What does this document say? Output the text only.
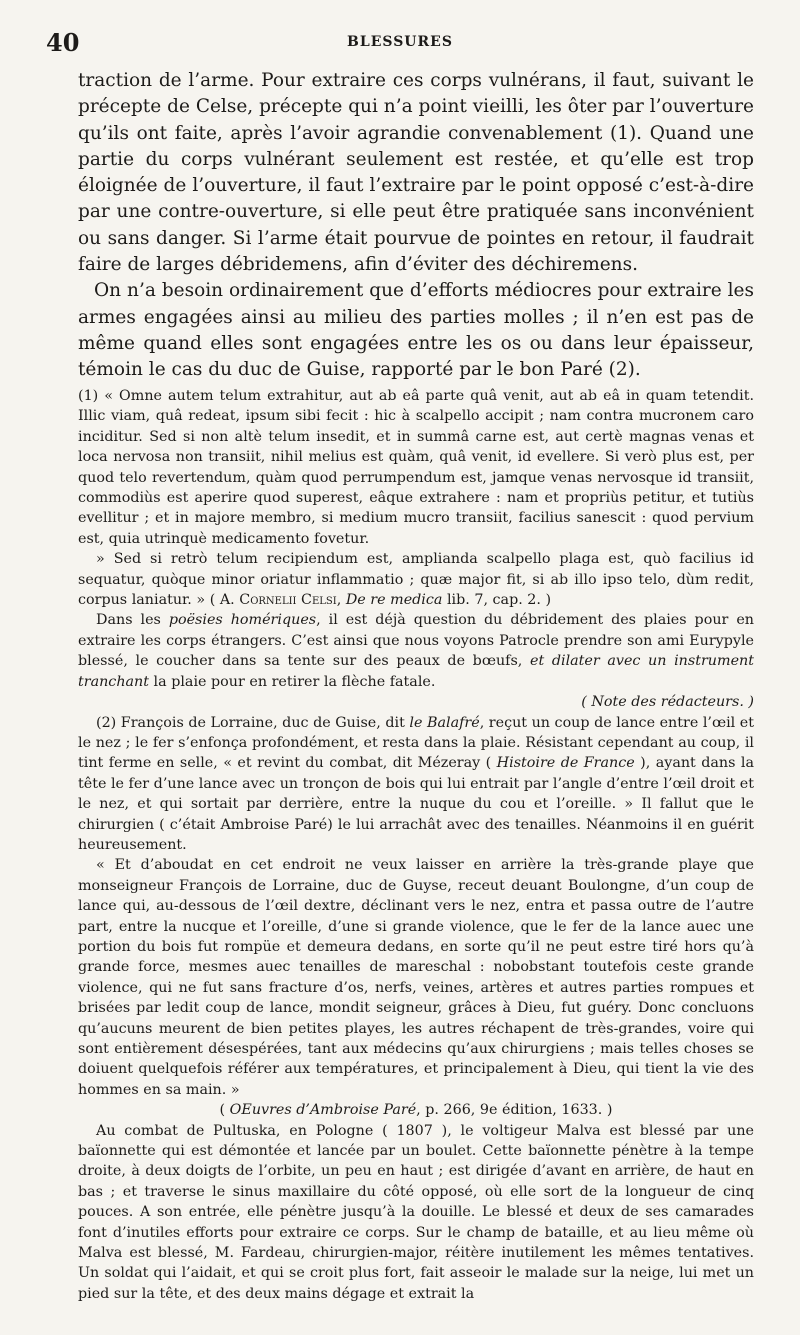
40	BLESSURES

traction de l’arme. Pour extraire ces corps vulnérans, il faut, suivant le précepte de Celse, précepte qui n’a point vieilli, les ôter par l’ouverture qu’ils ont faite, après l’avoir agrandie convenablement (1). Quand une partie du corps vulnérant seulement est restée, et qu’elle est trop éloignée de l’ouverture, il faut l’extraire par le point opposé c’est-à-dire par une contre-ouverture, si elle peut être pratiquée sans inconvénient ou sans danger. Si l’arme était pourvue de pointes en retour, il faudrait faire de larges débridemens, afin d’éviter des déchiremens.

On n’a besoin ordinairement que d’efforts médiocres pour extraire les armes engagées ainsi au milieu des parties molles ; il n’en est pas de même quand elles sont engagées entre les os ou dans leur épaisseur, témoin le cas du duc de Guise, rapporté par le bon Paré (2).

(1) « Omne autem telum extrahitur, aut ab eâ parte quâ venit, aut ab eâ in quam tetendit. Illic viam, quâ redeat, ipsum sibi fecit : hic à scalpello accipit ; nam contra mucronem caro inciditur. Sed si non altè telum insedit, et in summâ carne est, aut certè magnas venas et loca nervosa non transiit, nihil melius est quàm, quâ venit, id evellere. Si verò plus est, per quod telo revertendum, quàm quod perrumpendum est, jamque venas nervosque id transiit, commodiùs est aperire quod superest, eâque extrahere : nam et propriùs petitur, et tutiùs evellitur ; et in majore membro, si medium mucro transiit, facilius sanescit : quod pervium est, quia utrinquè medicamento fovetur.

» Sed si retrò telum recipiendum est, amplianda scalpello plaga est, quò facilius id sequatur, quòque minor oriatur inflammatio ; quæ major fit, si ab illo ipso telo, dùm redit, corpus laniatur. » ( A. Cornelii Celsi, De re medica lib. 7, cap. 2. )

Dans les poësies homériques, il est déjà question du débridement des plaies pour en extraire les corps étrangers. C’est ainsi que nous voyons Patrocle prendre son ami Eurypyle blessé, le coucher dans sa tente sur des peaux de bœufs, et dilater avec un instrument tranchant la plaie pour en retirer la flèche fatale.

( Note des rédacteurs. )

(2) François de Lorraine, duc de Guise, dit le Balafré, reçut un coup de lance entre l’œil et le nez ; le fer s’enfonça profondément, et resta dans la plaie. Résistant cependant au coup, il tint ferme en selle, « et revint du combat, dit Mézeray ( Histoire de France ), ayant dans la tête le fer d’une lance avec un tronçon de bois qui lui entrait par l’angle d’entre l’œil droit et le nez, et qui sortait par derrière, entre la nuque du cou et l’oreille. » Il fallut que le chirurgien ( c’était Ambroise Paré) le lui arrachât avec des tenailles. Néanmoins il en guérit heureusement.

« Et d’aboudat en cet endroit ne veux laisser en arrière la très-grande playe que monseigneur François de Lorraine, duc de Guyse, receut deuant Boulongne, d’un coup de lance qui, au-dessous de l’œil dextre, déclinant vers le nez, entra et passa outre de l’autre part, entre la nucque et l’oreille, d’une si grande violence, que le fer de la lance auec une portion du bois fut rompüe et demeura dedans, en sorte qu’il ne peut estre tiré hors qu’à grande force, mesmes auec tenailles de mareschal : nobobstant toutefois ceste grande violence, qui ne fut sans fracture d’os, nerfs, veines, artères et autres parties rompues et brisées par ledit coup de lance, mondit seigneur, grâces à Dieu, fut guéry. Donc concluons qu’aucuns meurent de bien petites playes, les autres réchapent de très-grandes, voire qui sont entièrement désespérées, tant aux médecins qu’aux chirurgiens ; mais telles choses se doiuent quelquefois référer aux températures, et principalement à Dieu, qui tient la vie des hommes en sa main. »

( OEuvres d’Ambroise Paré, p. 266, 9e édition, 1633. )

Au combat de Pultuska, en Pologne ( 1807 ), le voltigeur Malva est blessé par une baïonnette qui est démontée et lancée par un boulet. Cette baïonnette pénètre à la tempe droite, à deux doigts de l’orbite, un peu en haut ; est dirigée d’avant en arrière, de haut en bas ; et traverse le sinus maxillaire du côté opposé, où elle sort de la longueur de cinq pouces. A son entrée, elle pénètre jusqu’à la douille. Le blessé et deux de ses camarades font d’inutiles efforts pour extraire ce corps. Sur le champ de bataille, et au lieu même où Malva est blessé, M. Fardeau, chirurgien-major, réitère inutilement les mêmes tentatives. Un soldat qui l’aidait, et qui se croit plus fort, fait asseoir le malade sur la neige, lui met un pied sur la tête, et des deux mains dégage et extrait la
